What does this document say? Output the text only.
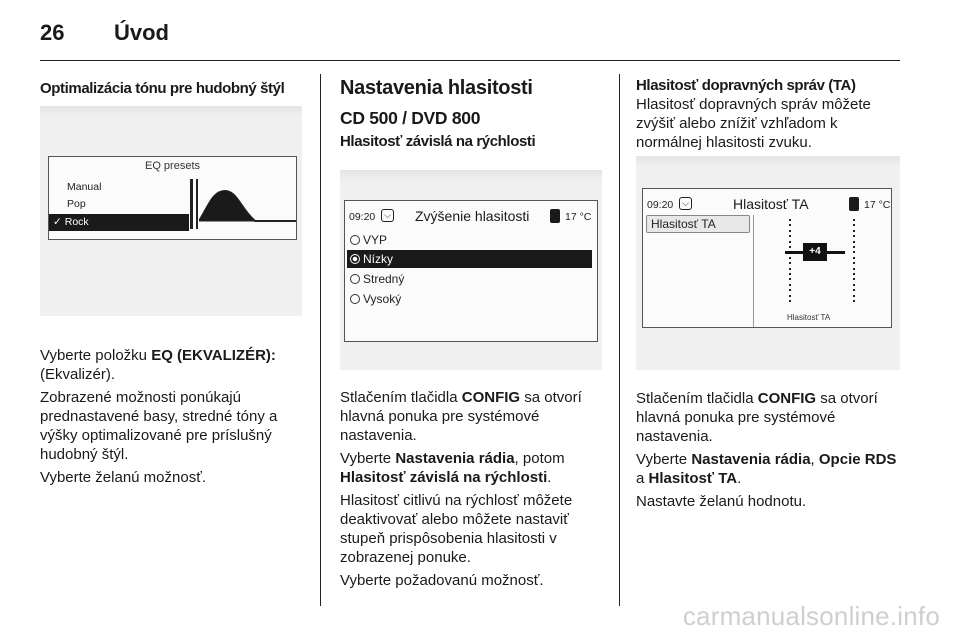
26 Úvod
Optimalizácia tónu pre hudobný štýl
EQ presets
Manual
Pop
✓ Rock

Vyberte položku EQ (EKVALIZÉR): (Ekvalizér).

Zobrazené možnosti ponúkajú prednastavené basy, stredné tóny a výšky optimalizované pre príslušný hudobný štýl.

Vyberte želanú možnosť.

Nastavenia hlasitosti
CD 500 / DVD 800
Hlasitosť závislá na rýchlosti
09:20 ⌵ Zvýšenie hlasitosti	17 °C
VYP
Nízky
Stredný
Vysoký

Stlačením tlačidla CONFIG sa otvorí hlavná ponuka pre systémové nastavenia.

Vyberte Nastavenia rádia, potom Hlasitosť závislá na rýchlosti.

Hlasitosť citlivú na rýchlosť môžete deaktivovať alebo môžete nastaviť stupeň prispôsobenia hlasitosti v zobrazenej ponuke.

Vyberte požadovanú možnosť.

Hlasitosť dopravných správ (TA)

Hlasitosť dopravných správ môžete zvýšiť alebo znížiť vzhľadom k normálnej hlasitosti zvuku.

09:20 ⌵	Hlasitosť TA	17 °C
Hlasitosť TA
+4
Hlasitosť TA

Stlačením tlačidla CONFIG sa otvorí hlavná ponuka pre systémové nastavenia.

Vyberte Nastavenia rádia, Opcie RDS a Hlasitosť TA.

Nastavte želanú hodnotu.

carmanualsonline.info
